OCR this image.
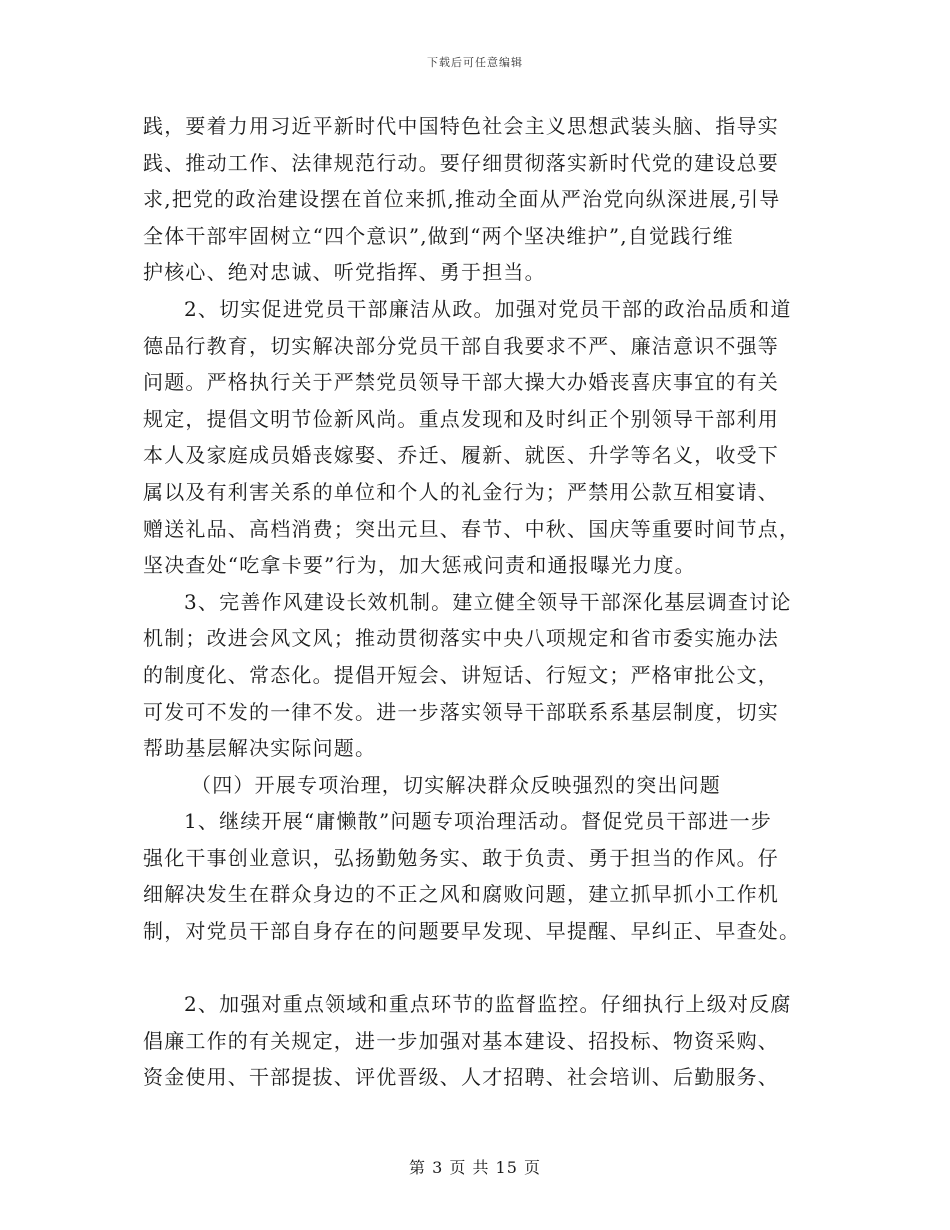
下载后可任意编辑
践，要着力用习近平新时代中国特色社会主义思想武装头脑、指导实
践、推动工作、法律规范行动。要仔细贯彻落实新时代党的建设总要
求,把党的政治建设摆在首位来抓,推动全面从严治党向纵深进展,引导
全体干部牢固树立“四个意识”,做到“两个坚决维护”,自觉践行维
护核心、绝对忠诚、听党指挥、勇于担当。
2、切实促进党员干部廉洁从政。加强对党员干部的政治品质和道
德品行教育，切实解决部分党员干部自我要求不严、廉洁意识不强等
问题。严格执行关于严禁党员领导干部大操大办婚丧喜庆事宜的有关
规定，提倡文明节俭新风尚。重点发现和及时纠正个别领导干部利用
本人及家庭成员婚丧嫁娶、乔迁、履新、就医、升学等名义，收受下
属以及有利害关系的单位和个人的礼金行为；严禁用公款互相宴请、
赠送礼品、高档消费；突出元旦、春节、中秋、国庆等重要时间节点，
坚决查处“吃拿卡要”行为，加大惩戒问责和通报曝光力度。
3、完善作风建设长效机制。建立健全领导干部深化基层调查讨论
机制；改进会风文风；推动贯彻落实中央八项规定和省市委实施办法
的制度化、常态化。提倡开短会、讲短话、行短文；严格审批公文，
可发可不发的一律不发。进一步落实领导干部联系系基层制度，切实
帮助基层解决实际问题。
（四）开展专项治理，切实解决群众反映强烈的突出问题
1、继续开展“庸懒散”问题专项治理活动。督促党员干部进一步
强化干事创业意识，弘扬勤勉务实、敢于负责、勇于担当的作风。仔
细解决发生在群众身边的不正之风和腐败问题，建立抓早抓小工作机
制，对党员干部自身存在的问题要早发现、早提醒、早纠正、早查处。
2、加强对重点领域和重点环节的监督监控。仔细执行上级对反腐
倡廉工作的有关规定，进一步加强对基本建设、招投标、物资采购、
资金使用、干部提拔、评优晋级、人才招聘、社会培训、后勤服务、
第 3 页 共 15 页
